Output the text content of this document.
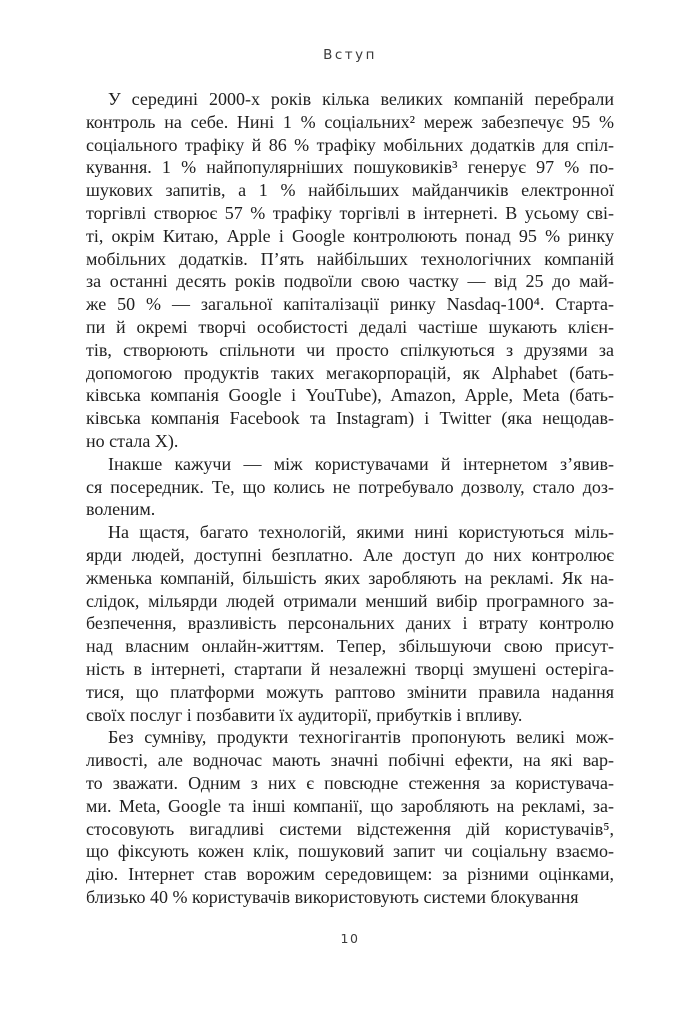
Вступ

У середині 2000-х років кілька великих компаній перебрали
контроль на себе. Нині 1 % соціальних² мереж забезпечує 95 %
соціального трафіку й 86 % трафіку мобільних додатків для спіл-
кування. 1 % найпопулярніших пошуковиків³ генерує 97 % по-
шукових запитів, а 1 % найбільших майданчиків електронної
торгівлі створює 57 % трафіку торгівлі в інтернеті. В усьому сві-
ті, окрім Китаю, Apple і Google контролюють понад 95 % ринку
мобільних додатків. П’ять найбільших технологічних компаній
за останні десять років подвоїли свою частку — від 25 до май-
же 50 % — загальної капіталізації ринку Nasdaq-100⁴. Старта-
пи й окремі творчі особистості дедалі частіше шукають клієн-
тів, створюють спільноти чи просто спілкуються з друзями за
допомогою продуктів таких мегакорпорацій, як Alphabet (бать-
ківська компанія Google і YouTube), Amazon, Apple, Meta (бать-
ківська компанія Facebook та Instagram) і Twitter (яка нещодав-
но стала Х).

Інакше кажучи — між користувачами й інтернетом з’явив-
ся посередник. Те, що колись не потребувало дозволу, стало доз-
воленим.

На щастя, багато технологій, якими нині користуються міль-
ярди людей, доступні безплатно. Але доступ до них контролює
жменька компаній, більшість яких заробляють на рекламі. Як на-
слідок, мільярди людей отримали менший вибір програмного за-
безпечення, вразливість персональних даних і втрату контролю
над власним онлайн-життям. Тепер, збільшуючи свою присут-
ність в інтернеті, стартапи й незалежні творці змушені остеріга-
тися, що платформи можуть раптово змінити правила надання
своїх послуг і позбавити їх аудиторії, прибутків і впливу.

Без сумніву, продукти техногігантів пропонують великі мож-
ливості, але водночас мають значні побічні ефекти, на які вар-
то зважати. Одним з них є повсюдне стеження за користувача-
ми. Meta, Google та інші компанії, що заробляють на рекламі, за-
стосовують вигадливі системи відстеження дій користувачів⁵,
що фіксують кожен клік, пошуковий запит чи соціальну взаємо-
дію. Інтернет став ворожим середовищем: за різними оцінками,
близько 40 % користувачів використовують системи блокування

10
